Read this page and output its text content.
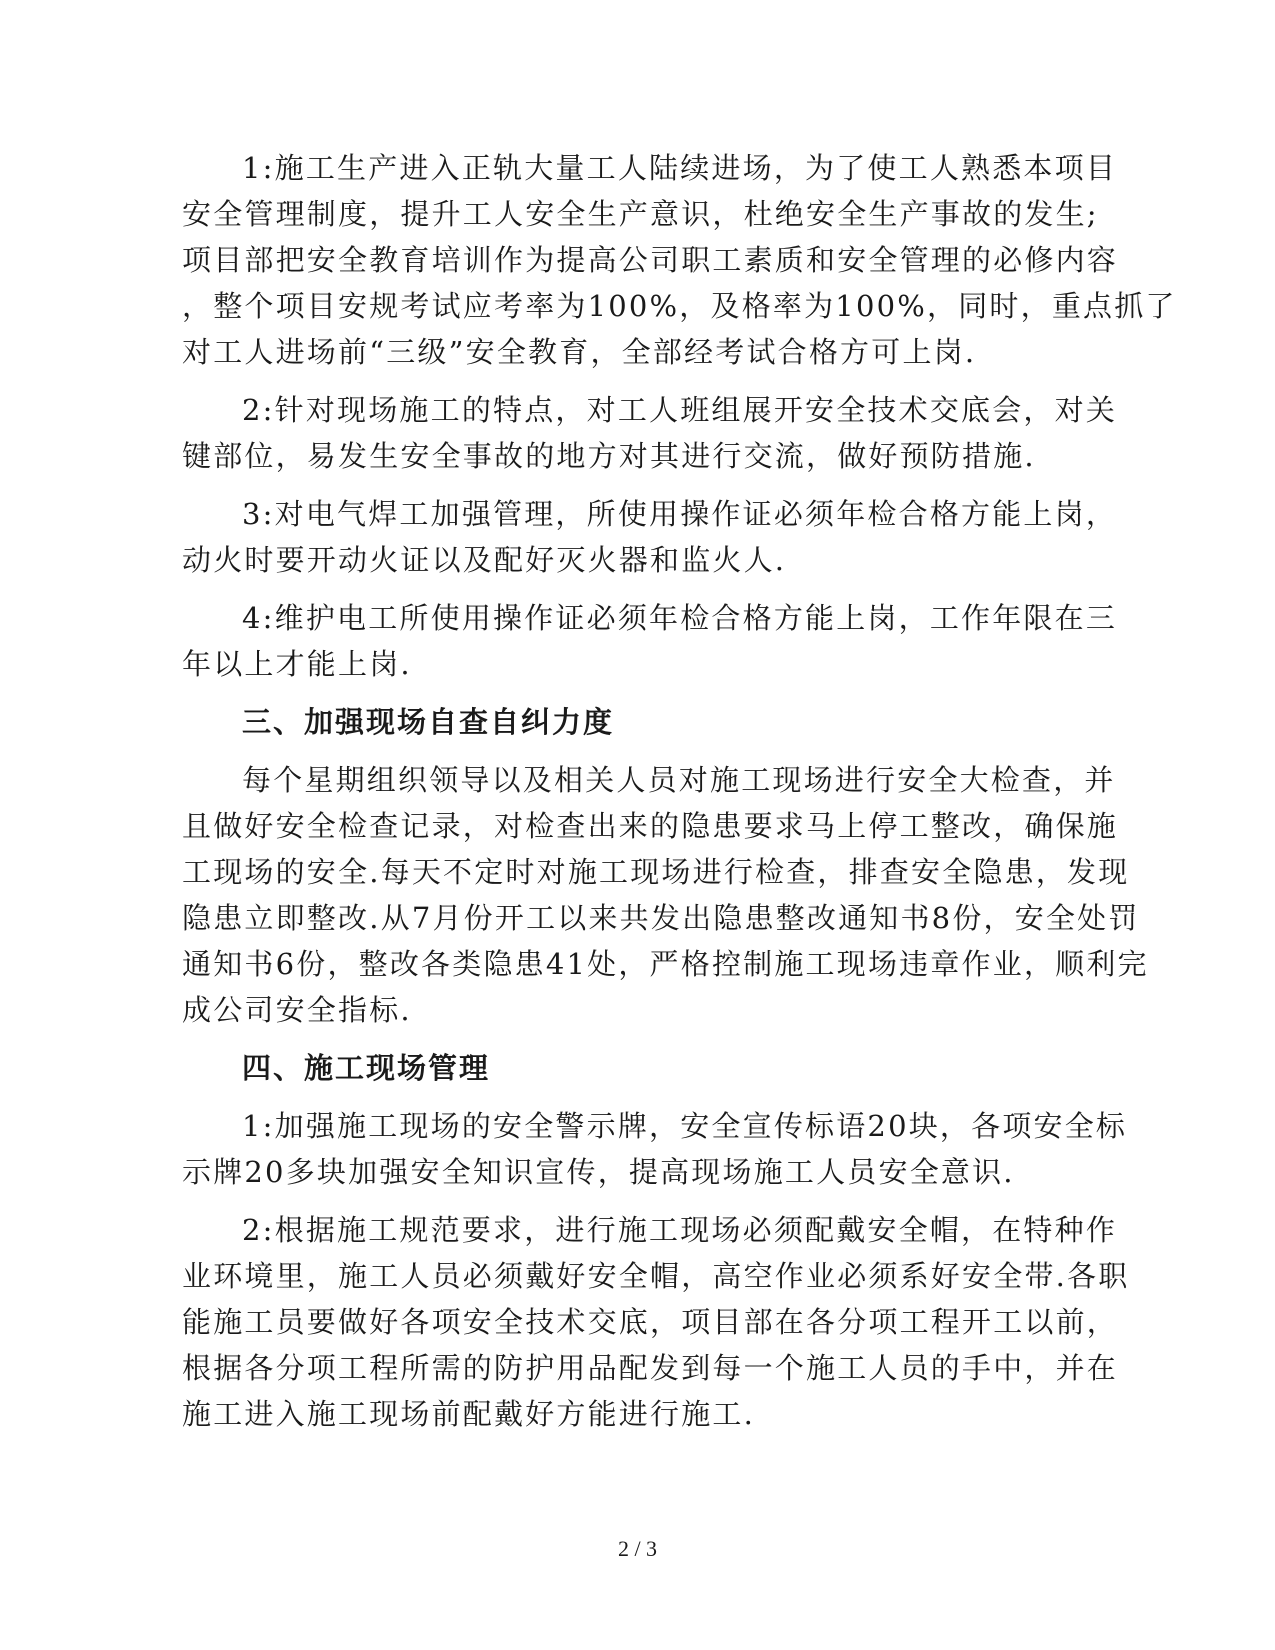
1:施工生产进入正轨大量工人陆续进场，为了使工人熟悉本项目
安全管理制度，提升工人安全生产意识，杜绝安全生产事故的发生;
项目部把安全教育培训作为提高公司职工素质和安全管理的必修内容
，整个项目安规考试应考率为100%，及格率为100%，同时，重点抓了
对工人进场前“三级”安全教育，全部经考试合格方可上岗.
2:针对现场施工的特点，对工人班组展开安全技术交底会，对关
键部位，易发生安全事故的地方对其进行交流，做好预防措施.
3:对电气焊工加强管理，所使用操作证必须年检合格方能上岗，
动火时要开动火证以及配好灭火器和监火人.
4:维护电工所使用操作证必须年检合格方能上岗，工作年限在三
年以上才能上岗.
三、加强现场自查自纠力度
每个星期组织领导以及相关人员对施工现场进行安全大检查，并
且做好安全检查记录，对检查出来的隐患要求马上停工整改，确保施
工现场的安全.每天不定时对施工现场进行检查，排查安全隐患，发现
隐患立即整改.从7月份开工以来共发出隐患整改通知书8份，安全处罚
通知书6份，整改各类隐患41处，严格控制施工现场违章作业，顺利完
成公司安全指标.
四、施工现场管理
1:加强施工现场的安全警示牌，安全宣传标语20块，各项安全标
示牌20多块加强安全知识宣传，提高现场施工人员安全意识.
2:根据施工规范要求，进行施工现场必须配戴安全帽，在特种作
业环境里，施工人员必须戴好安全帽，高空作业必须系好安全带.各职
能施工员要做好各项安全技术交底，项目部在各分项工程开工以前，
根据各分项工程所需的防护用品配发到每一个施工人员的手中，并在
施工进入施工现场前配戴好方能进行施工.
2 / 3
